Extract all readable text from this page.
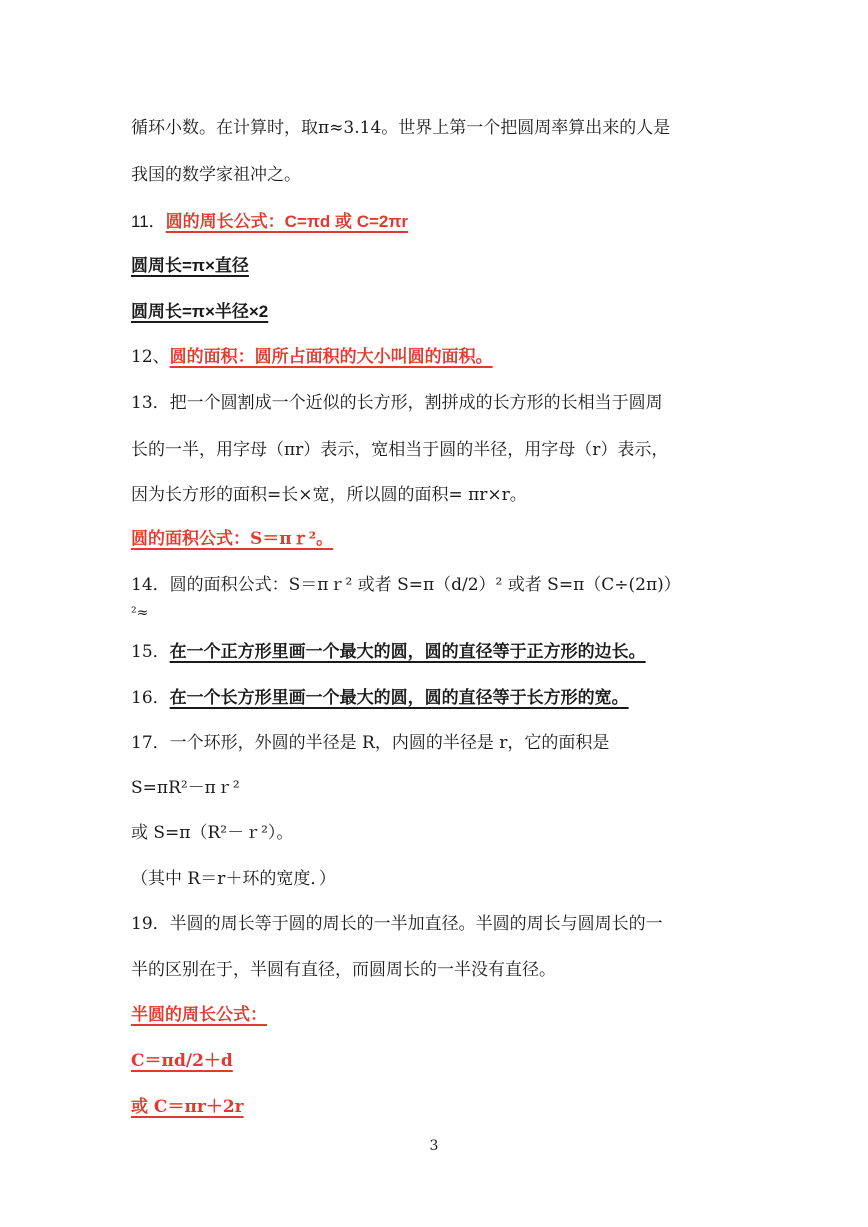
循环小数。在计算时，取π≈3.14。世界上第一个把圆周率算出来的人是
我国的数学家祖冲之。
11．圆的周长公式：C=πd 或 C=2πr
圆周长=π×直径
圆周长=π×半径×2
12、圆的面积：圆所占面积的大小叫圆的面积。
13．把一个圆割成一个近似的长方形，割拼成的长方形的长相当于圆周
长的一半，用字母（πr）表示，宽相当于圆的半径，用字母（r）表示，
因为长方形的面积=长×宽，所以圆的面积= πr×r。
圆的面积公式：S＝πｒ²。
14．圆的面积公式：S＝πｒ² 或者 S=π（d/2）² 或者 S=π（C÷(2π)）
²≈
15．在一个正方形里画一个最大的圆，圆的直径等于正方形的边长。
16．在一个长方形里画一个最大的圆，圆的直径等于长方形的宽。
17．一个环形，外圆的半径是 R，内圆的半径是 r，它的面积是
S=πR²－πｒ²
或 S=π（R²－ｒ²）。
（其中 R＝r＋环的宽度．）
19．半圆的周长等于圆的周长的一半加直径。半圆的周长与圆周长的一
半的区别在于，半圆有直径，而圆周长的一半没有直径。
半圆的周长公式：
C＝πd/2＋d
或 C＝πr＋2r
3
